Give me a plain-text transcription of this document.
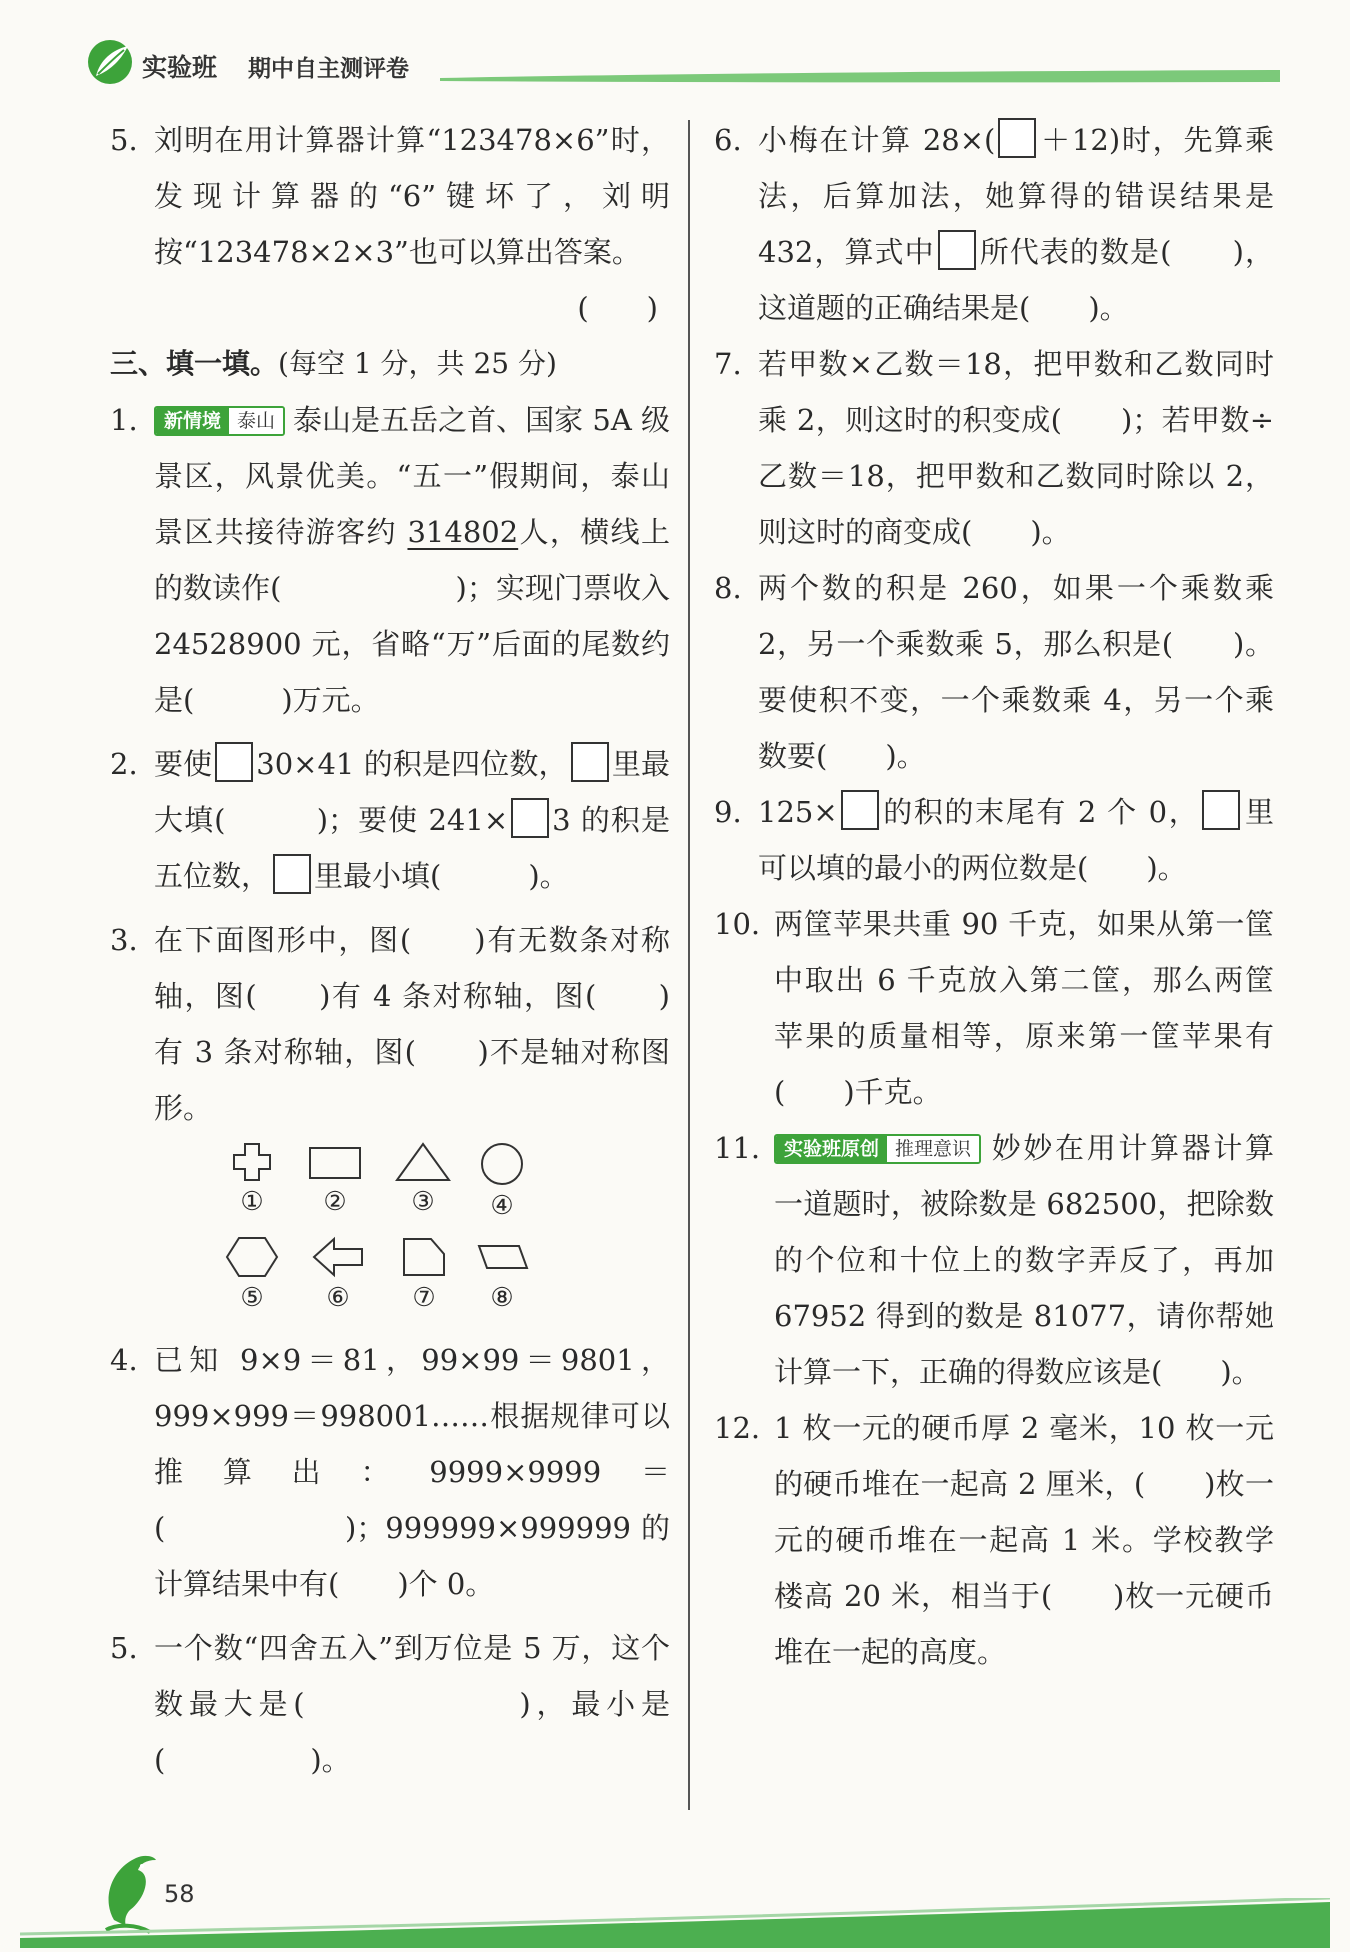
实验班 期中自主测评卷
5. 刘明在用计算器计算“123478×6”时，发现计算器的“6”键坏了，刘明按“123478×2×3”也可以算出答案。
(　　)
三、填一填。(每空 1 分，共 25 分)
1.	新情境 泰山 泰山是五岳之首、国家 5A 级景区，风景优美。“五一”假期间，泰山景区共接待游客约 314802人，横线上的数读作(　　　　　　)；实现门票收入 24528900 元，省略“万”后面的尾数约是(　　　)万元。
2. 要使 30×41 的积是四位数， 里最大填(　　　)；要使 241× 3 的积是五位数， 里最小填(　　　)。
3. 在下面图形中，图(　　)有无数条对称轴，图(　　)有 4 条对称轴，图(　　)有 3 条对称轴，图(　　)不是轴对称图形。
①	②	③	④
⑤	⑥	⑦	⑧
4. 已知 9×9＝81，99×99＝9801，999×999＝998001……根据规律可以推算出：9999×9999＝(　　　　　　)；999999×999999 的计算结果中有(　　)个 0。
5. 一个数“四舍五入”到万位是 5 万，这个数最大是(　　　　　　)，最小是(　　　　　)。
6. 小梅在计算 28×( ＋12)时，先算乘法，后算加法，她算得的错误结果是 432，算式中 所代表的数是(　　)，这道题的正确结果是(　　)。
7. 若甲数×乙数＝18，把甲数和乙数同时乘 2，则这时的积变成(　　)；若甲数÷乙数＝18，把甲数和乙数同时除以 2，则这时的商变成(　　)。
8. 两个数的积是 260，如果一个乘数乘 2，另一个乘数乘 5，那么积是(　　)。要使积不变，一个乘数乘 4，另一个乘数要(　　)。
9. 125× 的积的末尾有 2 个 0， 里可以填的最小的两位数是(　　)。
10. 两筐苹果共重 90 千克，如果从第一筐中取出 6 千克放入第二筐，那么两筐苹果的质量相等，原来第一筐苹果有(　　)千克。
11.	实验班原创 推理意识 妙妙在用计算器计算一道题时，被除数是 682500，把除数的个位和十位上的数字弄反了，再加 67952 得到的数是 81077，请你帮她计算一下，正确的得数应该是(　　)。
12. 1 枚一元的硬币厚 2 毫米，10 枚一元的硬币堆在一起高 2 厘米，(　　)枚一元的硬币堆在一起高 1 米。学校教学楼高 20 米，相当于(　　)枚一元硬币堆在一起的高度。
58
